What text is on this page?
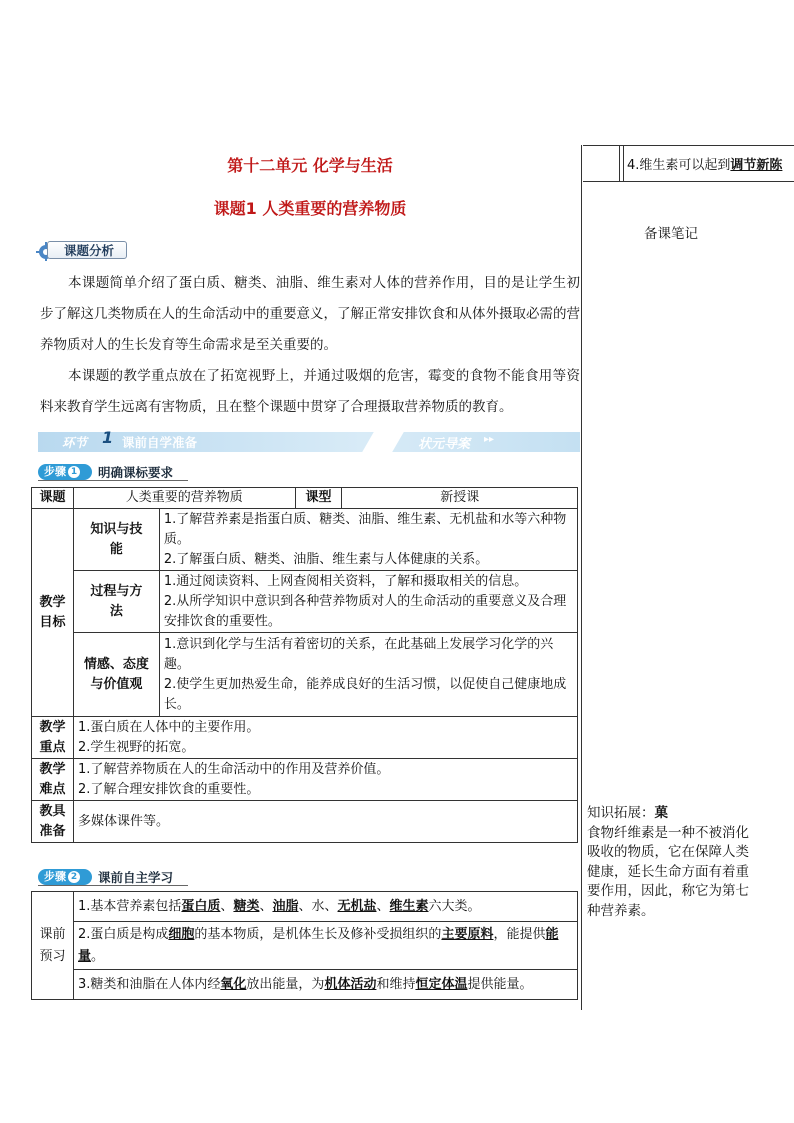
第十二单元 化学与生活
课题1 人类重要的营养物质
课题分析

本课题简单介绍了蛋白质、糖类、油脂、维生素对人体的营养作用，目的是让学生初步了解这几类物质在人的生命活动中的重要意义，了解正常安排饮食和从体外摄取必需的营养物质对人的生长发育等生命需求是至关重要的。

本课题的教学重点放在了拓宽视野上，并通过吸烟的危害，霉变的食物不能食用等资料来教育学生远离有害物质，且在整个课题中贯穿了合理摄取营养物质的教育。

环节 1 课前自学准备	状元导案 ▸▸
步骤 1	明确课标要求
课题	人类重要的营养物质		课型	新授课
教学目标	知识与技能	1.了解营养素是指蛋白质、糖类、油脂、维生素、无机盐和水等六种物质。
2.了解蛋白质、糖类、油脂、维生素与人体健康的关系。		

	过程与方法	1.通过阅读资料、上网查阅相关资料，了解和摄取相关的信息。
2.从所学知识中意识到各种营养物质对人的生命活动的重要意义及合理安排饮食的重要性。		

	情感、态度与价值观	1.意识到化学与生活有着密切的关系，在此基础上发展学习化学的兴趣。
2.使学生更加热爱生命，能养成良好的生活习惯，以促使自己健康地成长。		

教学重点	1.蛋白质在人体中的主要作用。
2.学生视野的拓宽。			

教学难点	1.了解营养物质在人的生命活动中的作用及营养价值。
2.了解合理安排饮食的重要性。			

教具准备	多媒体课件等。			
步骤 2	课前自主学习
课前预习	1.基本营养素包括蛋白质、糖类、油脂、水、无机盐、维生素六大类。
2.蛋白质是构成细胞的基本物质，是机体生长及修补受损组织的主要原料，能提供能量。
3.糖类和油脂在人体内经氧化放出能量，为机体活动和维持恒定体温提供能量。
4.维生素可以起到调节新陈
备课笔记
知识拓展：菓
食物纤维素是一种不被消化吸收的物质，它在保障人类健康，延长生命方面有着重要作用，因此，称它为第七种营养素。
